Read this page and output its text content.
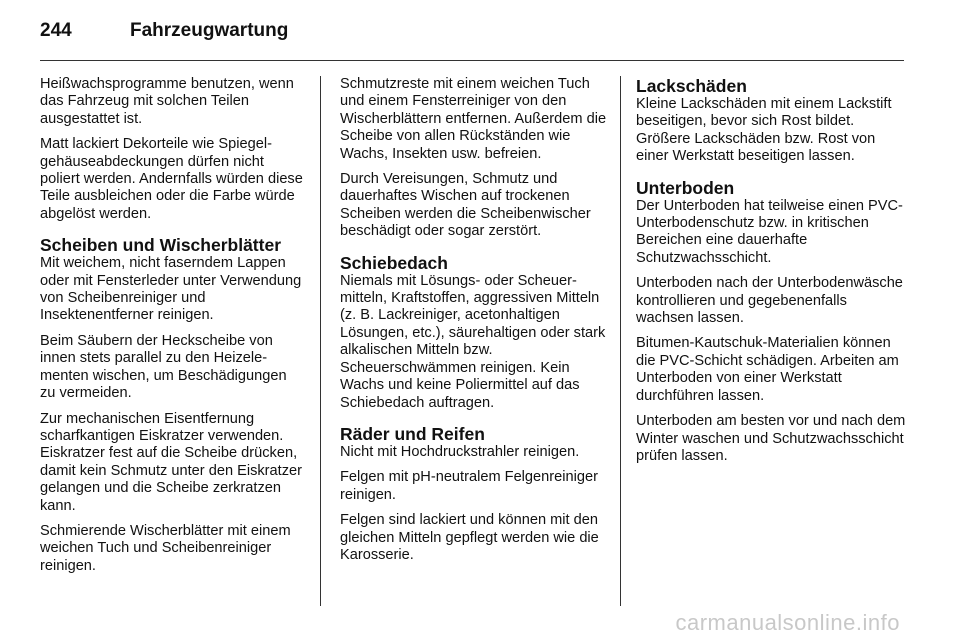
244	Fahrzeugwartung

Heißwachsprogramme benutzen, wenn das Fahrzeug mit solchen Teilen ausgestattet ist.

Matt lackiert Dekorteile wie Spiegelgehäuseabdeckungen dürfen nicht poliert werden. Andernfalls würden diese Teile ausbleichen oder die Farbe würde abgelöst werden.

Scheiben und Wischerblätter

Mit weichem, nicht faserndem Lappen oder mit Fensterleder unter Verwendung von Scheibenreiniger und Insektenentferner reinigen.

Beim Säubern der Heckscheibe von innen stets parallel zu den Heizelementen wischen, um Beschädigungen zu vermeiden.

Zur mechanischen Eisentfernung scharfkantigen Eiskratzer verwenden. Eiskratzer fest auf die Scheibe drücken, damit kein Schmutz unter den Eiskratzer gelangen und die Scheibe zerkratzen kann.

Schmierende Wischerblätter mit einem weichen Tuch und Scheibenreiniger reinigen.

Schmutzreste mit einem weichen Tuch und einem Fensterreiniger von den Wischerblättern entfernen. Außerdem die Scheibe von allen Rückständen wie Wachs, Insekten usw. befreien.

Durch Vereisungen, Schmutz und dauerhaftes Wischen auf trockenen Scheiben werden die Scheibenwischer beschädigt oder sogar zerstört.

Schiebedach

Niemals mit Lösungs- oder Scheuermitteln, Kraftstoffen, aggressiven Mitteln (z. B. Lackreiniger, acetonhaltigen Lösungen, etc.), säurehaltigen oder stark alkalischen Mitteln bzw. Scheuerschwämmen reinigen. Kein Wachs und keine Poliermittel auf das Schiebedach auftragen.

Räder und Reifen

Nicht mit Hochdruckstrahler reinigen.

Felgen mit pH-neutralem Felgenreiniger reinigen.

Felgen sind lackiert und können mit den gleichen Mitteln gepflegt werden wie die Karosserie.

Lackschäden

Kleine Lackschäden mit einem Lackstift beseitigen, bevor sich Rost bildet. Größere Lackschäden bzw. Rost von einer Werkstatt beseitigen lassen.

Unterboden

Der Unterboden hat teilweise einen PVC-Unterbodenschutz bzw. in kritischen Bereichen eine dauerhafte Schutzwachsschicht.

Unterboden nach der Unterbodenwäsche kontrollieren und gegebenenfalls wachsen lassen.

Bitumen-Kautschuk-Materialien können die PVC-Schicht schädigen. Arbeiten am Unterboden von einer Werkstatt durchführen lassen.

Unterboden am besten vor und nach dem Winter waschen und Schutzwachsschicht prüfen lassen.

carmanualsonline.info
